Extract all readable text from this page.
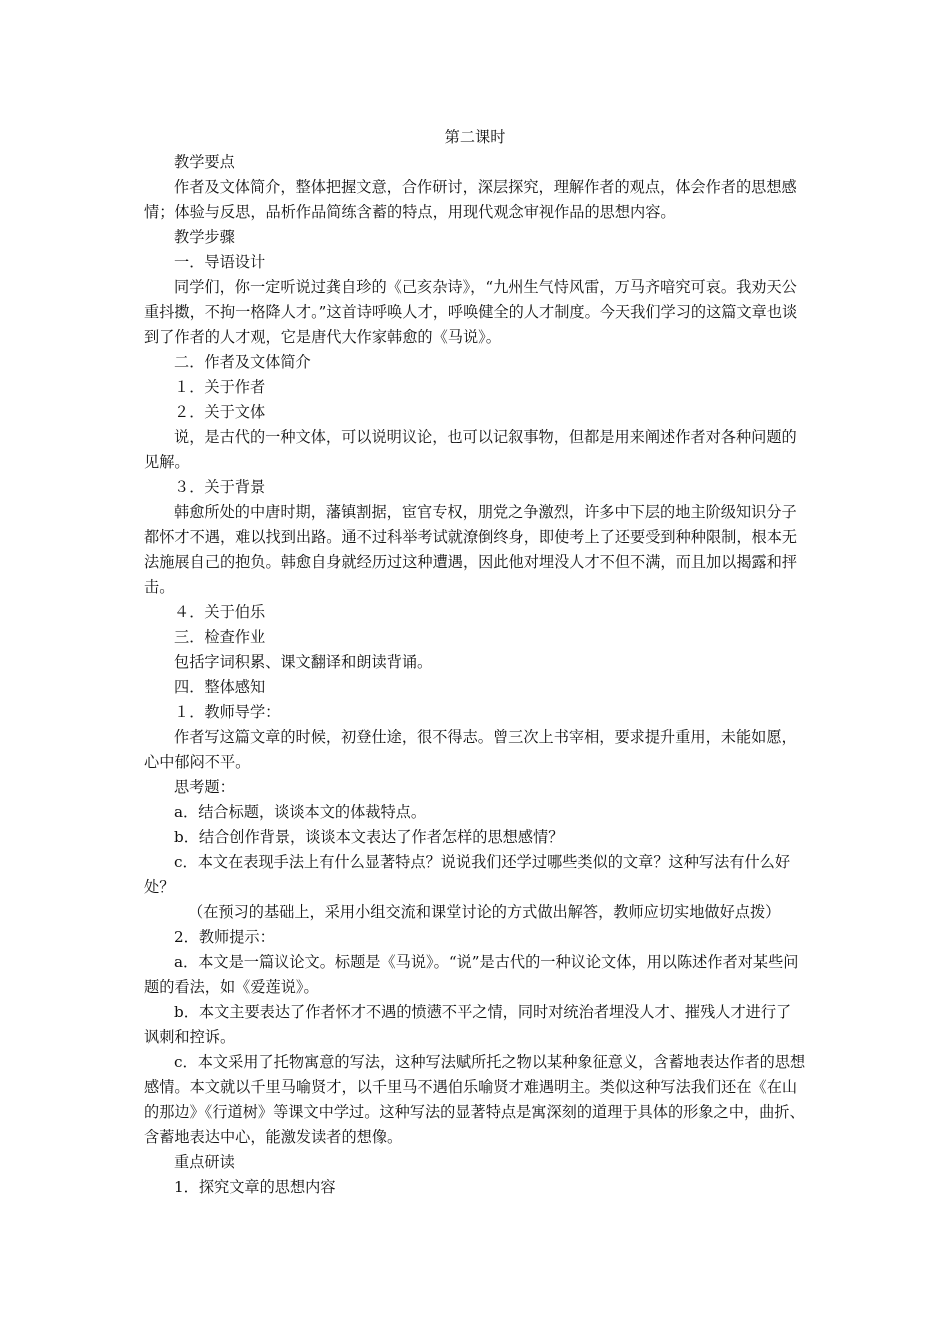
第二课时

教学要点

作者及文体简介，整体把握文意，合作研讨，深层探究，理解作者的观点，体会作者的思想感情；体验与反思，品析作品简练含蓄的特点，用现代观念审视作品的思想内容。

教学步骤

一．导语设计

同学们，你一定听说过龚自珍的《己亥杂诗》，“九州生气恃风雷，万马齐喑究可哀。我劝天公重抖擞，不拘一格降人才。”这首诗呼唤人才，呼唤健全的人才制度。今天我们学习的这篇文章也谈到了作者的人才观，它是唐代大作家韩愈的《马说》。

二．作者及文体简介

１．关于作者

２．关于文体

说，是古代的一种文体，可以说明议论，也可以记叙事物，但都是用来阐述作者对各种问题的见解。

３．关于背景

韩愈所处的中唐时期，藩镇割据，宦官专权，朋党之争激烈，许多中下层的地主阶级知识分子都怀才不遇，难以找到出路。通不过科举考试就潦倒终身，即使考上了还要受到种种限制，根本无法施展自己的抱负。韩愈自身就经历过这种遭遇，因此他对埋没人才不但不满，而且加以揭露和抨击。

４．关于伯乐

三．检查作业

包括字词积累、课文翻译和朗读背诵。

四．整体感知

１．教师导学：

作者写这篇文章的时候，初登仕途，很不得志。曾三次上书宰相，要求提升重用，未能如愿，心中郁闷不平。

思考题：

a．结合标题，谈谈本文的体裁特点。

b．结合创作背景，谈谈本文表达了作者怎样的思想感情？

c．本文在表现手法上有什么显著特点？说说我们还学过哪些类似的文章？这种写法有什么好处？

（在预习的基础上，采用小组交流和课堂讨论的方式做出解答，教师应切实地做好点拨）

2．教师提示：

a．本文是一篇议论文。标题是《马说》。“说”是古代的一种议论文体，用以陈述作者对某些问题的看法，如《爱莲说》。

b．本文主要表达了作者怀才不遇的愤懑不平之情，同时对统治者埋没人才、摧残人才进行了讽刺和控诉。

c．本文采用了托物寓意的写法，这种写法赋所托之物以某种象征意义，含蓄地表达作者的思想感情。本文就以千里马喻贤才，以千里马不遇伯乐喻贤才难遇明主。类似这种写法我们还在《在山的那边》《行道树》等课文中学过。这种写法的显著特点是寓深刻的道理于具体的形象之中，曲折、含蓄地表达中心，能激发读者的想像。

重点研读

1．探究文章的思想内容
